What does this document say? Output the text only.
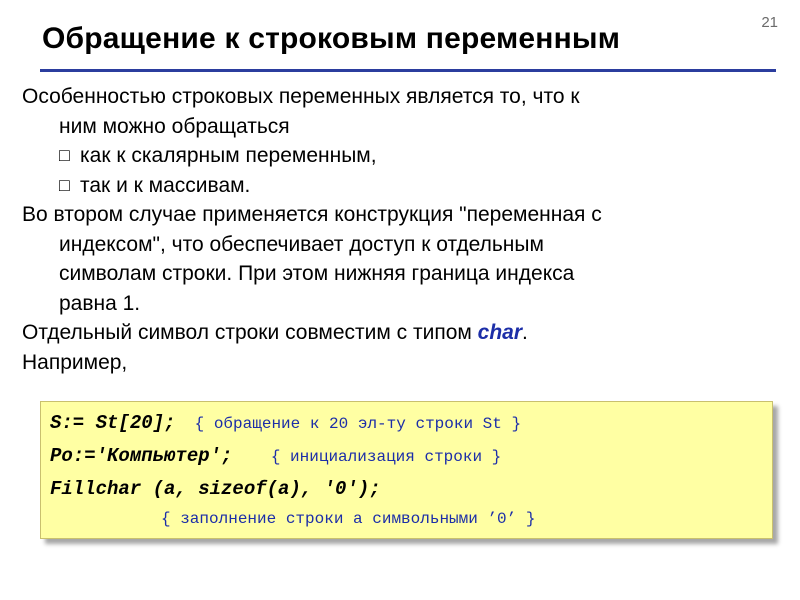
21
Обращение к строковым переменным
Особенностью строковых переменных является то, что к
ним можно обращаться
□ как к скалярным переменным,
□ так и к массивам.
Во втором случае применяется конструкция "переменная с
индексом", что обеспечивает доступ к отдельным
символам строки. При этом нижняя граница индекса
равна 1.
Отдельный символ строки совместим с типом char.
Например,
S:= St[20]; { обращение к 20 эл-ту строки St }
Po:='Компьютер'; { инициализация строки }
Fillchar (a, sizeof(a), '0');
{ заполнение строки а символьными ’0’ }
